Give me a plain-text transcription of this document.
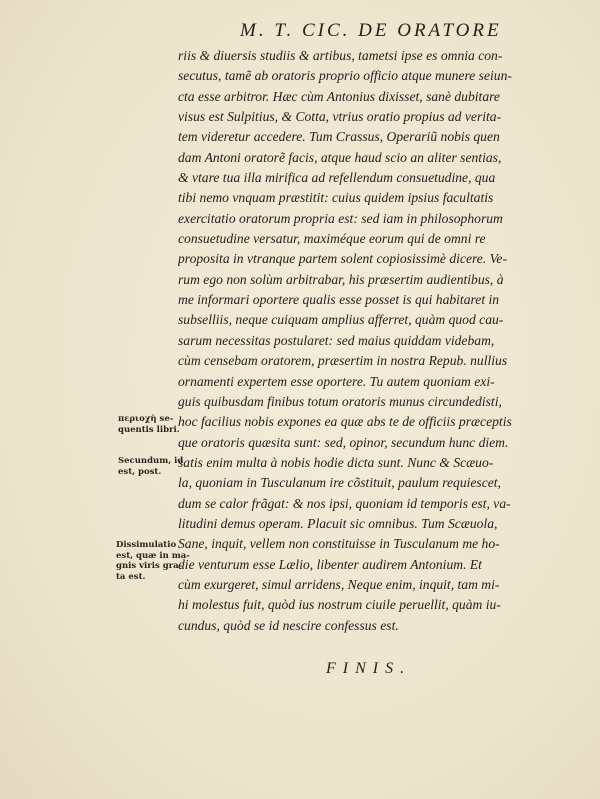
M. T. CIC. DE ORATORE
riis & diuersis studiis & artibus, tametsi ipse es omnia con-
secutus, tamẽ ab oratoris proprio officio atque munere seiun-
cta esse arbitror. Hæc cùm Antonius dixisset, sanè dubitare
visus est Sulpitius, & Cotta, vtrius oratio propius ad verita-
tem videretur accedere. Tum Crassus, Operariũ nobis quen
dam Antoni oratorẽ facis, atque haud scio an aliter sentias,
& vtare tua illa mirifica ad refellendum consuetudine, qua
tibi nemo vnquam præstitit: cuius quidem ipsius facultatis
exercitatio oratorum propria est: sed iam in philosophorum
consuetudine versatur, maximéque eorum qui de omni re
proposita in vtranque partem solent copiosissimè dicere. Ve-
rum ego non solùm arbitrabar, his præsertim audientibus, à
me informari oportere qualis esse posset is qui habitaret in
subselliis, neque cuiquam amplius afferret, quàm quod cau-
sarum necessitas postularet: sed maius quiddam videbam,
cùm censebam oratorem, præsertim in nostra Repub. nullius
ornamenti expertem esse oportere. Tu autem quoniam exi-
guis quibusdam finibus totum oratoris munus circundedisti,
hoc facilius nobis expones ea quæ abs te de officiis præceptis
que oratoris quæsita sunt: sed, opinor, secundum hunc diem.
satis enim multa à nobis hodie dicta sunt. Nunc & Scæuo-
la, quoniam in Tusculanum ire cõstituit, paulum requiescet,
dum se calor frãgat: & nos ipsi, quoniam id temporis est, va-
litudini demus operam. Placuit sic omnibus. Tum Scæuola,
Sane, inquit, vellem non constituisse in Tusculanum me ho-
die venturum esse Lælio, libenter audirem Antonium. Et
cùm exurgeret, simul arridens, Neque enim, inquit, tam mi-
hi molestus fuit, quòd ius nostrum ciuile peruellit, quàm iu-
cundus, quòd se id nescire confessus est.
FINIS.
περιοχὴ se-
quentis libri.
Secundum, id
est, post.
Dissimulatio
est, quæ in ma-
gnis viris gra-
ta est.
